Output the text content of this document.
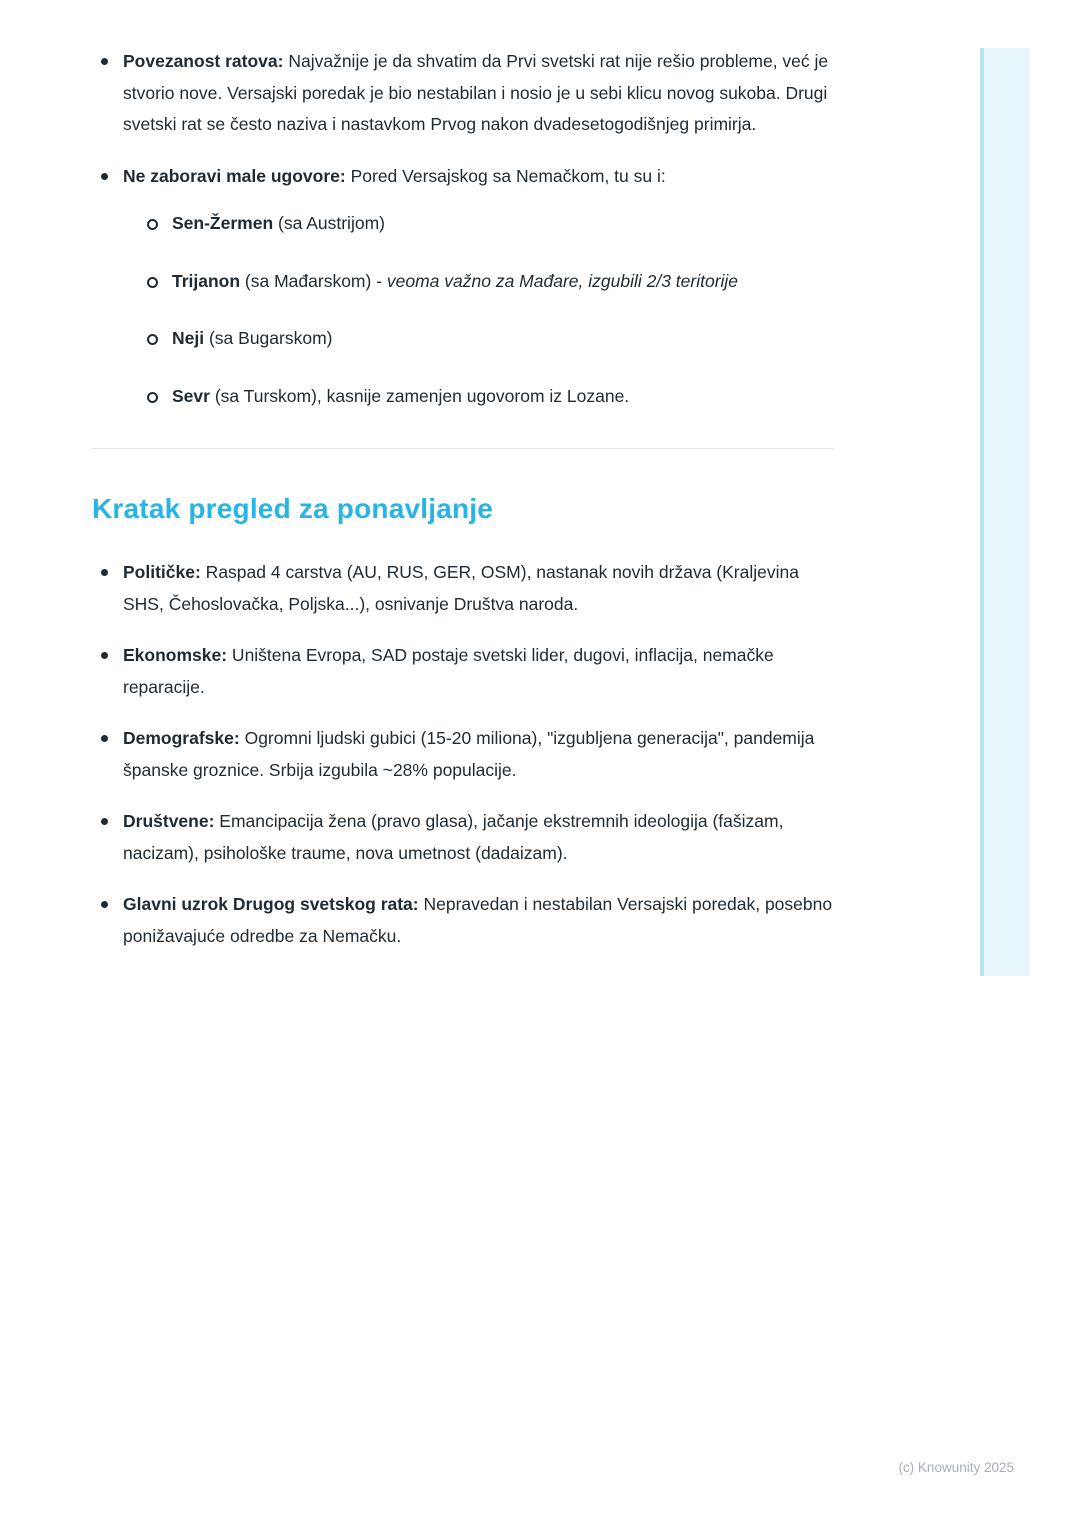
Povezanost ratova: Najvažnije je da shvatim da Prvi svetski rat nije rešio probleme, već je stvorio nove. Versajski poredak je bio nestabilan i nosio je u sebi klicu novog sukoba. Drugi svetski rat se često naziva i nastavkom Prvog nakon dvadesetogodišnjeg primirja.

Ne zaboravi male ugovore: Pored Versajskog sa Nemačkom, tu su i:

Sen-Žermen (sa Austrijom)

Trijanon (sa Mađarskom) - veoma važno za Mađare, izgubili 2/3 teritorije

Neji (sa Bugarskom)

Sevr (sa Turskom), kasnije zamenjen ugovorom iz Lozane.

Kratak pregled za ponavljanje

Političke: Raspad 4 carstva (AU, RUS, GER, OSM), nastanak novih država (Kraljevina SHS, Čehoslovačka, Poljska...), osnivanje Društva naroda.

Ekonomske: Uništena Evropa, SAD postaje svetski lider, dugovi, inflacija, nemačke reparacije.

Demografske: Ogromni ljudski gubici (15-20 miliona), "izgubljena generacija", pandemija španske groznice. Srbija izgubila ~28% populacije.

Društvene: Emancipacija žena (pravo glasa), jačanje ekstremnih ideologija (fašizam, nacizam), psihološke traume, nova umetnost (dadaizam).

Glavni uzrok Drugog svetskog rata: Nepravedan i nestabilan Versajski poredak, posebno ponižavajuće odredbe za Nemačku.

(c) Knowunity 2025
